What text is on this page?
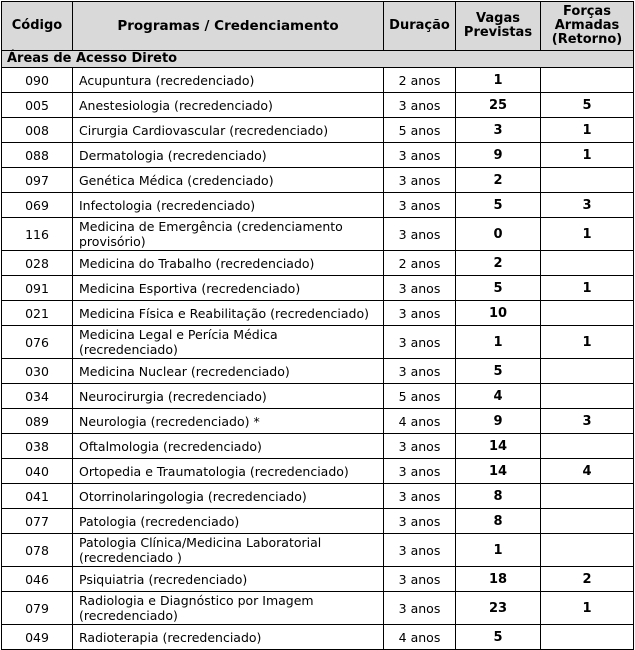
Código	Programas / Credenciamento	Duração	Vagas Previstas	Forças Armadas (Retorno)
Áreas de Acesso Direto				
090	Acupuntura (recredenciado)	2 anos	1	
005	Anestesiologia (recredenciado)	3 anos	25	5
008	Cirurgia Cardiovascular (recredenciado)	5 anos	3	1
088	Dermatologia (recredenciado)	3 anos	9	1
097	Genética Médica (credenciado)	3 anos	2	
069	Infectologia (recredenciado)	3 anos	5	3
116	Medicina de Emergência (credenciamento provisório)	3 anos	0	1
028	Medicina do Trabalho (recredenciado)	2 anos	2	
091	Medicina Esportiva (recredenciado)	3 anos	5	1
021	Medicina Física e Reabilitação (recredenciado)	3 anos	10	
076	Medicina Legal e Perícia Médica (recredenciado)	3 anos	1	1
030	Medicina Nuclear (recredenciado)	3 anos	5	
034	Neurocirurgia (recredenciado)	5 anos	4	
089	Neurologia (recredenciado) *	4 anos	9	3
038	Oftalmologia (recredenciado)	3 anos	14	
040	Ortopedia e Traumatologia (recredenciado)	3 anos	14	4
041	Otorrinolaringologia (recredenciado)	3 anos	8	
077	Patologia (recredenciado)	3 anos	8	
078	Patologia Clínica/Medicina Laboratorial (recredenciado )	3 anos	1	
046	Psiquiatria (recredenciado)	3 anos	18	2
079	Radiologia e Diagnóstico por Imagem (recredenciado)	3 anos	23	1
049	Radioterapia (recredenciado)	4 anos	5	
